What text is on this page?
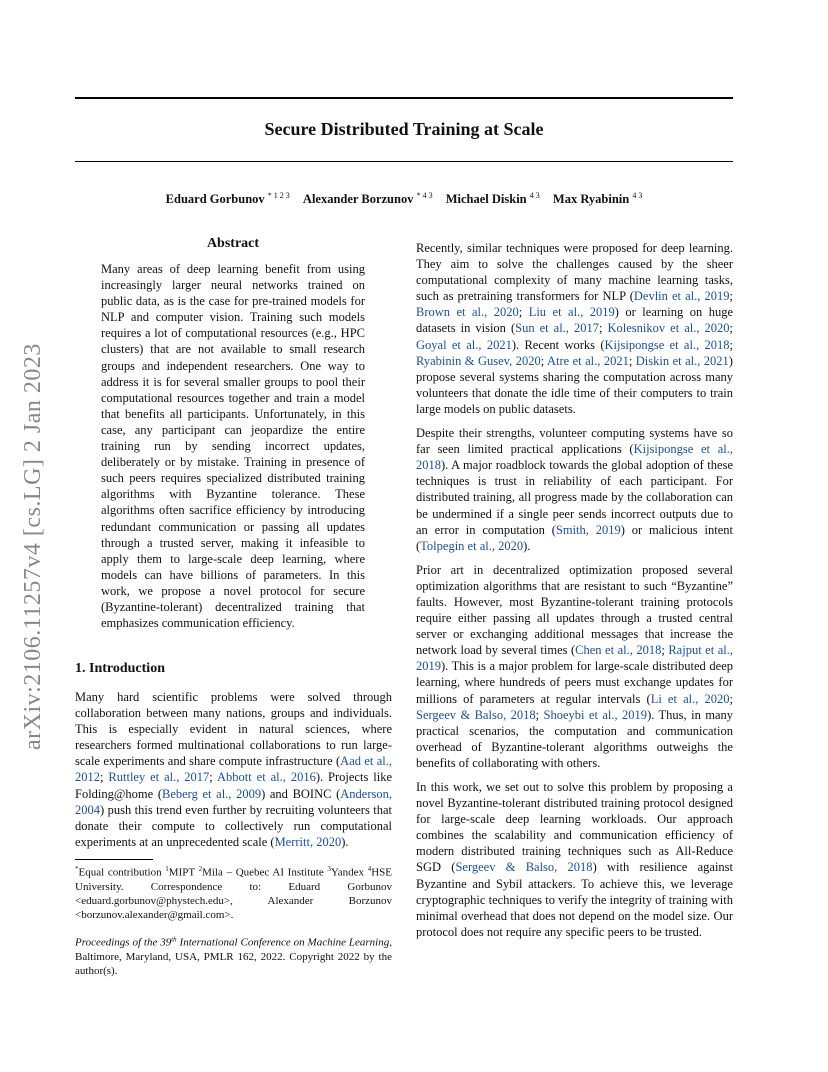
arXiv:2106.11257v4 [cs.LG] 2 Jan 2023
Secure Distributed Training at Scale
Eduard Gorbunov $^{* 1 2 3}$ Alexander Borzunov $^{* 4 3}$ Michael Diskin $^{4 3}$ Max Ryabinin $^{4 3}$
Abstract

Many areas of deep learning benefit from using increasingly larger neural networks trained on public data, as is the case for pre-trained models for NLP and computer vision. Training such models requires a lot of computational resources (e.g., HPC clusters) that are not available to small research groups and independent researchers. One way to address it is for several smaller groups to pool their computational resources together and train a model that benefits all participants. Unfortunately, in this case, any participant can jeopardize the entire training run by sending incorrect updates, deliberately or by mistake. Training in presence of such peers requires specialized distributed training algorithms with Byzantine tolerance. These algorithms often sacrifice efficiency by introducing redundant communication or passing all updates through a trusted server, making it infeasible to apply them to large-scale deep learning, where models can have billions of parameters. In this work, we propose a novel protocol for secure (Byzantine-tolerant) decentralized training that emphasizes communication efficiency.

1. Introduction

Many hard scientific problems were solved through collaboration between many nations, groups and individuals. This is especially evident in natural sciences, where researchers formed multinational collaborations to run large-scale experiments and share compute infrastructure (Aad et al., 2012; Ruttley et al., 2017; Abbott et al., 2016). Projects like Folding@home (Beberg et al., 2009) and BOINC (Anderson, 2004) push this trend even further by recruiting volunteers that donate their compute to collectively run computational experiments at an unprecedented scale (Merritt, 2020).

*Equal contribution $^1$MIPT $^2$Mila – Quebec AI Institute $^3$Yandex $^4$HSE University. Correspondence to: Eduard Gorbunov <eduard.gorbunov@phystech.edu>, Alexander Borzunov <borzunov.alexander@gmail.com>.
Proceedings of the 39th International Conference on Machine Learning, Baltimore, Maryland, USA, PMLR 162, 2022. Copyright 2022 by the author(s).

Recently, similar techniques were proposed for deep learning. They aim to solve the challenges caused by the sheer computational complexity of many machine learning tasks, such as pretraining transformers for NLP (Devlin et al., 2019; Brown et al., 2020; Liu et al., 2019) or learning on huge datasets in vision (Sun et al., 2017; Kolesnikov et al., 2020; Goyal et al., 2021). Recent works (Kijsipongse et al., 2018; Ryabinin & Gusev, 2020; Atre et al., 2021; Diskin et al., 2021) propose several systems sharing the computation across many volunteers that donate the idle time of their computers to train large models on public datasets.

Despite their strengths, volunteer computing systems have so far seen limited practical applications (Kijsipongse et al., 2018). A major roadblock towards the global adoption of these techniques is trust in reliability of each participant. For distributed training, all progress made by the collaboration can be undermined if a single peer sends incorrect outputs due to an error in computation (Smith, 2019) or malicious intent (Tolpegin et al., 2020).

Prior art in decentralized optimization proposed several optimization algorithms that are resistant to such “Byzantine” faults. However, most Byzantine-tolerant training protocols require either passing all updates through a trusted central server or exchanging additional messages that increase the network load by several times (Chen et al., 2018; Rajput et al., 2019). This is a major problem for large-scale distributed deep learning, where hundreds of peers must exchange updates for millions of parameters at regular intervals (Li et al., 2020; Sergeev & Balso, 2018; Shoeybi et al., 2019). Thus, in many practical scenarios, the computation and communication overhead of Byzantine-tolerant algorithms outweighs the benefits of collaborating with others.

In this work, we set out to solve this problem by proposing a novel Byzantine-tolerant distributed training protocol designed for large-scale deep learning workloads. Our approach combines the scalability and communication efficiency of modern distributed training techniques such as All-Reduce SGD (Sergeev & Balso, 2018) with resilience against Byzantine and Sybil attackers. To achieve this, we leverage cryptographic techniques to verify the integrity of training with minimal overhead that does not depend on the model size. Our protocol does not require any specific peers to be trusted.
